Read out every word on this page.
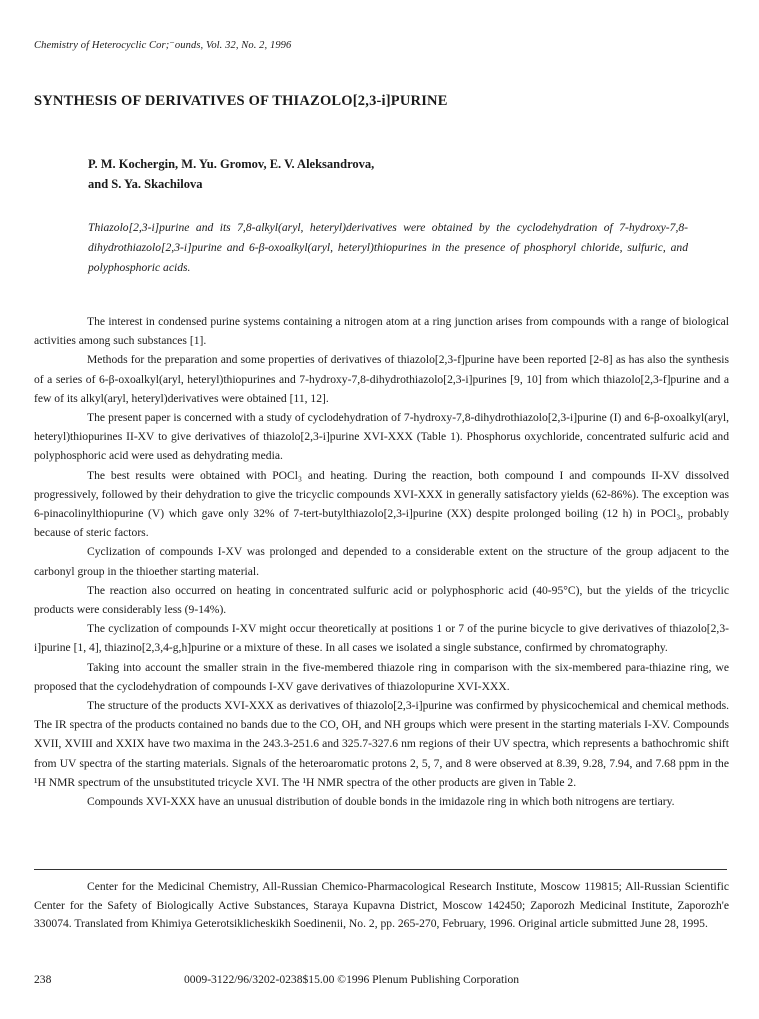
Chemistry of Heterocyclic Cor;⁻ounds, Vol. 32, No. 2, 1996
SYNTHESIS OF DERIVATIVES OF THIAZOLO[2,3-i]PURINE
P. M. Kochergin, M. Yu. Gromov, E. V. Aleksandrova,
and S. Ya. Skachilova

Thiazolo[2,3-i]purine and its 7,8-alkyl(aryl, heteryl)derivatives were obtained by the cyclodehydration of 7-hydroxy-7,8-dihydrothiazolo[2,3-i]purine and 6-β-oxoalkyl(aryl, heteryl)thiopurines in the presence of phosphoryl chloride, sulfuric, and polyphosphoric acids.

The interest in condensed purine systems containing a nitrogen atom at a ring junction arises from compounds with a range of biological activities among such substances [1].

Methods for the preparation and some properties of derivatives of thiazolo[2,3-f]purine have been reported [2-8] as has also the synthesis of a series of 6-β-oxoalkyl(aryl, heteryl)thiopurines and 7-hydroxy-7,8-dihydrothiazolo[2,3-i]purines [9, 10] from which thiazolo[2,3-f]purine and a few of its alkyl(aryl, heteryl)derivatives were obtained [11, 12].

The present paper is concerned with a study of cyclodehydration of 7-hydroxy-7,8-dihydrothiazolo[2,3-i]purine (I) and 6-β-oxoalkyl(aryl, heteryl)thiopurines II-XV to give derivatives of thiazolo[2,3-i]purine XVI-XXX (Table 1). Phosphorus oxychloride, concentrated sulfuric acid and polyphosphoric acid were used as dehydrating media.

The best results were obtained with POCl₃ and heating. During the reaction, both compound I and compounds II-XV dissolved progressively, followed by their dehydration to give the tricyclic compounds XVI-XXX in generally satisfactory yields (62-86%). The exception was 6-pinacolinylthiopurine (V) which gave only 32% of 7-tert-butylthiazolo[2,3-i]purine (XX) despite prolonged boiling (12 h) in POCl₃, probably because of steric factors.

Cyclization of compounds I-XV was prolonged and depended to a considerable extent on the structure of the group adjacent to the carbonyl group in the thioether starting material.

The reaction also occurred on heating in concentrated sulfuric acid or polyphosphoric acid (40-95°C), but the yields of the tricyclic products were considerably less (9-14%).

The cyclization of compounds I-XV might occur theoretically at positions 1 or 7 of the purine bicycle to give derivatives of thiazolo[2,3-i]purine [1, 4], thiazino[2,3,4-g,h]purine or a mixture of these. In all cases we isolated a single substance, confirmed by chromatography.

Taking into account the smaller strain in the five-membered thiazole ring in comparison with the six-membered para-thiazine ring, we proposed that the cyclodehydration of compounds I-XV gave derivatives of thiazolopurine XVI-XXX.

The structure of the products XVI-XXX as derivatives of thiazolo[2,3-i]purine was confirmed by physicochemical and chemical methods. The IR spectra of the products contained no bands due to the CO, OH, and NH groups which were present in the starting materials I-XV. Compounds XVII, XVIII and XXIX have two maxima in the 243.3-251.6 and 325.7-327.6 nm regions of their UV spectra, which represents a bathochromic shift from UV spectra of the starting materials. Signals of the heteroaromatic protons 2, 5, 7, and 8 were observed at 8.39, 9.28, 7.94, and 7.68 ppm in the ¹H NMR spectrum of the unsubstituted tricycle XVI. The ¹H NMR spectra of the other products are given in Table 2.

Compounds XVI-XXX have an unusual distribution of double bonds in the imidazole ring in which both nitrogens are tertiary.

Center for the Medicinal Chemistry, All-Russian Chemico-Pharmacological Research Institute, Moscow 119815; All-Russian Scientific Center for the Safety of Biologically Active Substances, Staraya Kupavna District, Moscow 142450; Zaporozh Medicinal Institute, Zaporozh'e 330074. Translated from Khimiya Geterotsiklicheskikh Soedinenii, No. 2, pp. 265-270, February, 1996. Original article submitted June 28, 1995.

238	0009-3122/96/3202-0238$15.00 ©1996 Plenum Publishing Corporation
